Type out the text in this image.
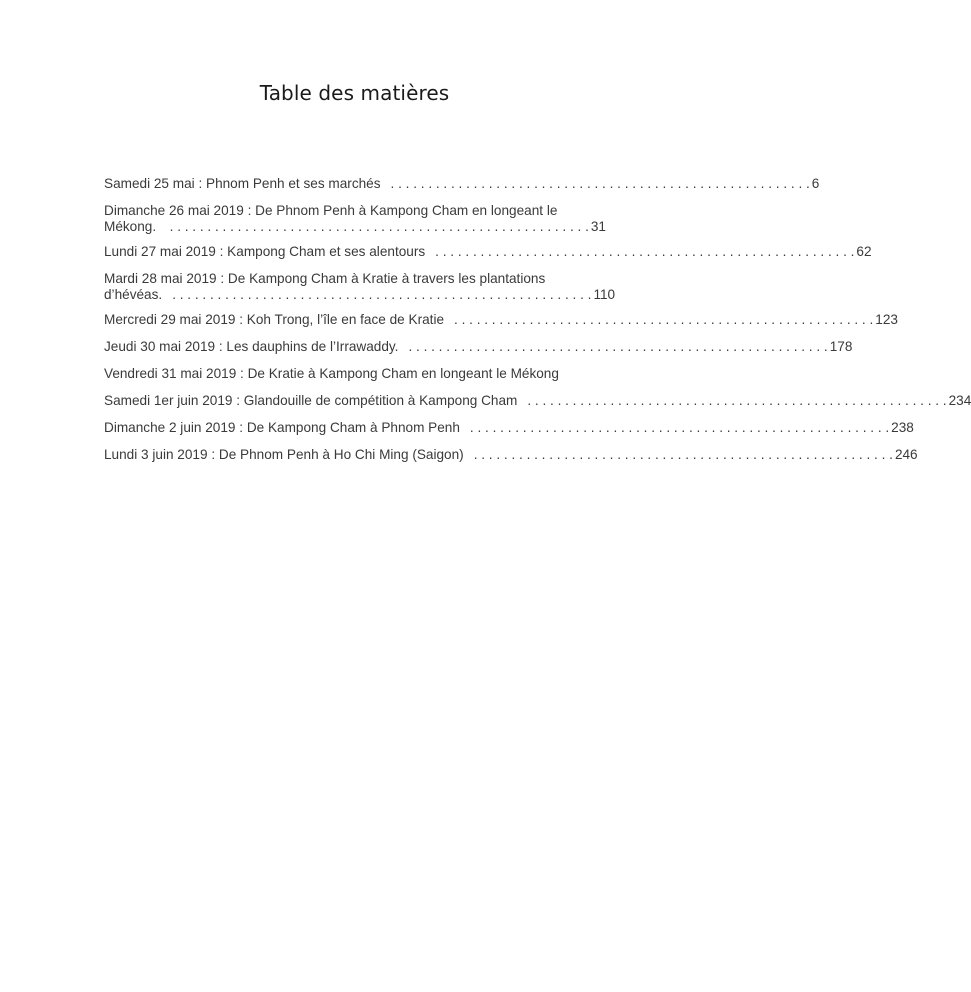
Table des matières
Samedi 25 mai : Phnom Penh et ses marchés . . . . . . . . . . . . . . . . . . . . . . . . . . . . . . . . . . . . . . . . . . . . . . . . . . . . . . . . 6
Dimanche 26 mai 2019 : De Phnom Penh à Kampong Cham en longeant le
Mékong. . . . . . . . . . . . . . . . . . . . . . . . . . . . . . . . . . . . . . . . . . . . . . . . . . . . . . . . . 31
Lundi 27 mai 2019 : Kampong Cham et ses alentours . . . . . . . . . . . . . . . . . . . . . . . . . . . . . . . . . . . . . . . . . . . . . . . . . . . . . . . . 62
Mardi 28 mai 2019 : De Kampong Cham à Kratie à travers les plantations
d’hévéas. . . . . . . . . . . . . . . . . . . . . . . . . . . . . . . . . . . . . . . . . . . . . . . . . . . . . . . . . 110
Mercredi 29 mai 2019 : Koh Trong, l’île en face de Kratie . . . . . . . . . . . . . . . . . . . . . . . . . . . . . . . . . . . . . . . . . . . . . . . . . . . . . . . . 123
Jeudi 30 mai 2019 : Les dauphins de l’Irrawaddy. . . . . . . . . . . . . . . . . . . . . . . . . . . . . . . . . . . . . . . . . . . . . . . . . . . . . . . . . 178
Vendredi 31 mai 2019 : De Kratie à Kampong Cham en longeant le Mékong
Samedi 1er juin 2019 : Glandouille de compétition à Kampong Cham . . . . . . . . . . . . . . . . . . . . . . . . . . . . . . . . . . . . . . . . . . . . . . . . . . . . . . . . 234
Dimanche 2 juin 2019 : De Kampong Cham à Phnom Penh . . . . . . . . . . . . . . . . . . . . . . . . . . . . . . . . . . . . . . . . . . . . . . . . . . . . . . . . 238
Lundi 3 juin 2019 : De Phnom Penh à Ho Chi Ming (Saigon) . . . . . . . . . . . . . . . . . . . . . . . . . . . . . . . . . . . . . . . . . . . . . . . . . . . . . . . . 246
